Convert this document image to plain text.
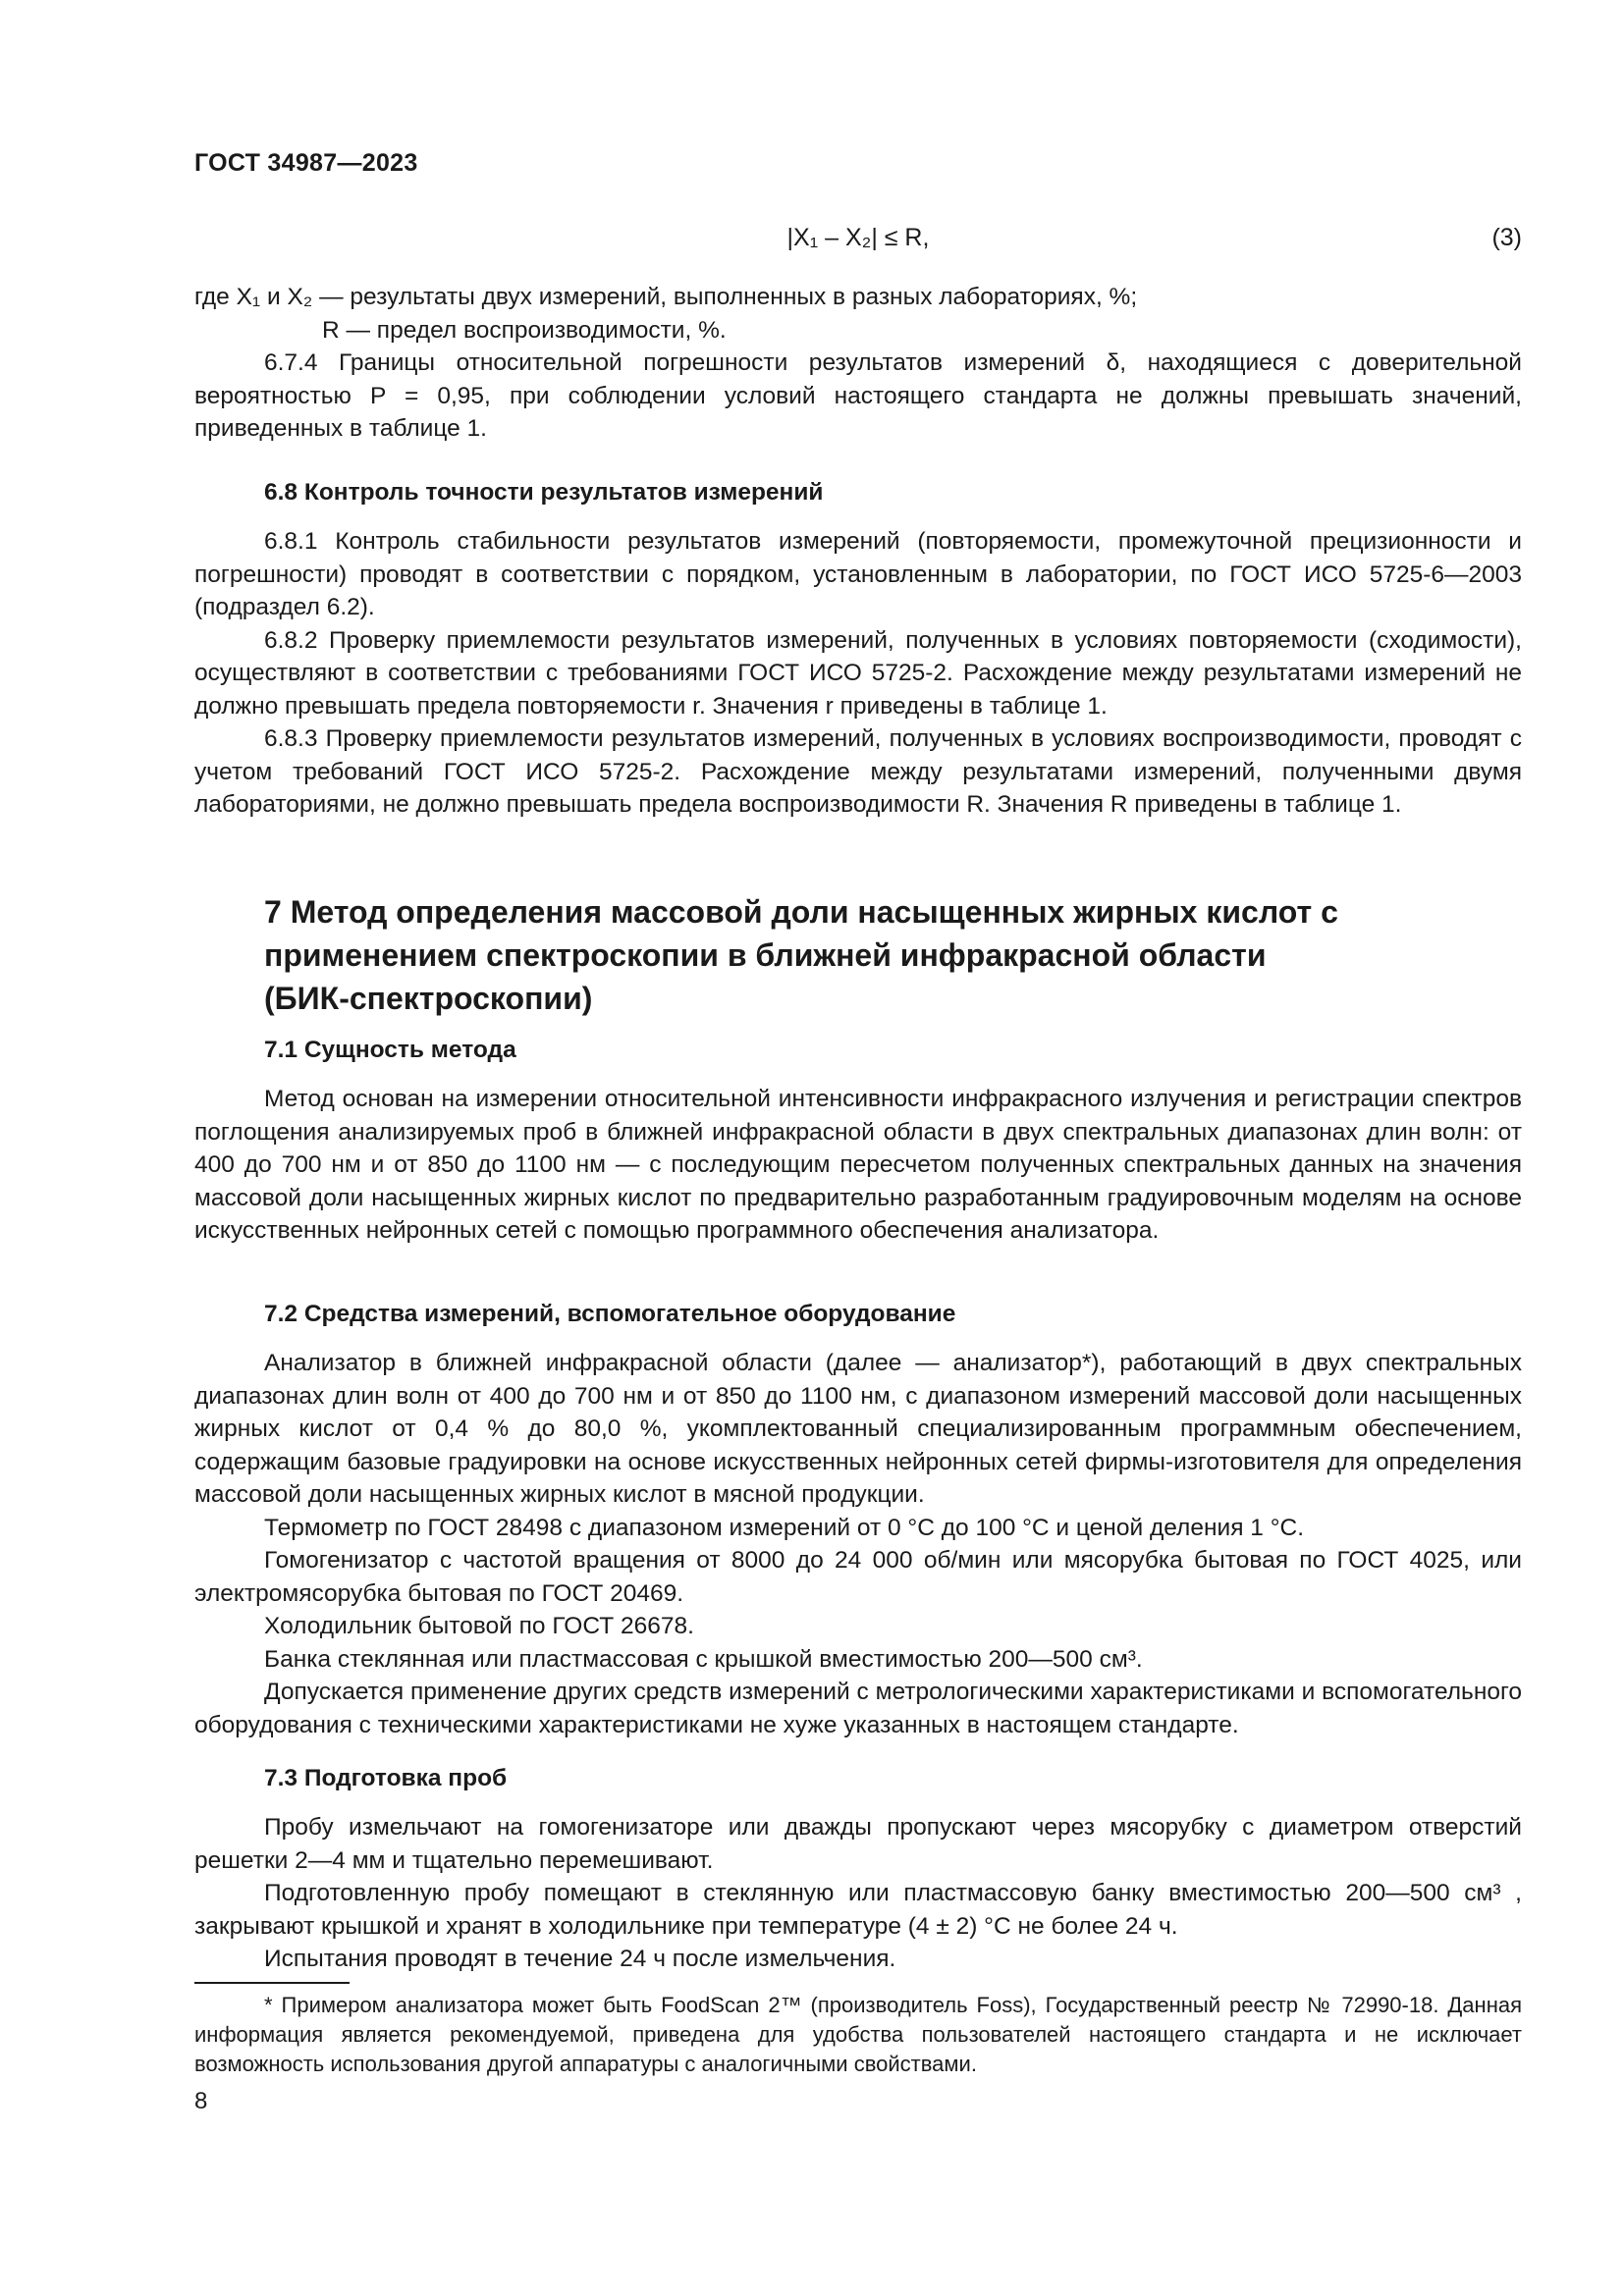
ГОСТ 34987—2023
|X₁ – X₂| ≤ R,	(3)

где X₁ и X₂ — результаты двух измерений, выполненных в разных лабораториях, %;

R — предел воспроизводимости, %.

6.7.4 Границы относительной погрешности результатов измерений δ, находящиеся с доверительной вероятностью P = 0,95, при соблюдении условий настоящего стандарта не должны превышать значений, приведенных в таблице 1.

6.8 Контроль точности результатов измерений

6.8.1 Контроль стабильности результатов измерений (повторяемости, промежуточной прецизионности и погрешности) проводят в соответствии с порядком, установленным в лаборатории, по ГОСТ ИСО 5725-6—2003 (подраздел 6.2).

6.8.2 Проверку приемлемости результатов измерений, полученных в условиях повторяемости (сходимости), осуществляют в соответствии с требованиями ГОСТ ИСО 5725-2. Расхождение между результатами измерений не должно превышать предела повторяемости r. Значения r приведены в таблице 1.

6.8.3 Проверку приемлемости результатов измерений, полученных в условиях воспроизводимости, проводят с учетом требований ГОСТ ИСО 5725-2. Расхождение между результатами измерений, полученными двумя лабораториями, не должно превышать предела воспроизводимости R. Значения R приведены в таблице 1.

7 Метод определения массовой доли насыщенных жирных кислот с применением спектроскопии в ближней инфракрасной области (БИК-спектроскопии)

7.1 Сущность метода

Метод основан на измерении относительной интенсивности инфракрасного излучения и регистрации спектров поглощения анализируемых проб в ближней инфракрасной области в двух спектральных диапазонах длин волн: от 400 до 700 нм и от 850 до 1100 нм — с последующим пересчетом полученных спектральных данных на значения массовой доли насыщенных жирных кислот по предварительно разработанным градуировочным моделям на основе искусственных нейронных сетей с помощью программного обеспечения анализатора.

7.2 Средства измерений, вспомогательное оборудование

Анализатор в ближней инфракрасной области (далее — анализатор*), работающий в двух спектральных диапазонах длин волн от 400 до 700 нм и от 850 до 1100 нм, с диапазоном измерений массовой доли насыщенных жирных кислот от 0,4 % до 80,0 %, укомплектованный специализированным программным обеспечением, содержащим базовые градуировки на основе искусственных нейронных сетей фирмы-изготовителя для определения массовой доли насыщенных жирных кислот в мясной продукции.

Термометр по ГОСТ 28498 с диапазоном измерений от 0 °С до 100 °С и ценой деления 1 °С.

Гомогенизатор с частотой вращения от 8000 до 24 000 об/мин или мясорубка бытовая по ГОСТ 4025, или электромясорубка бытовая по ГОСТ 20469.

Холодильник бытовой по ГОСТ 26678.

Банка стеклянная или пластмассовая с крышкой вместимостью 200—500 см³.

Допускается применение других средств измерений с метрологическими характеристиками и вспомогательного оборудования с техническими характеристиками не хуже указанных в настоящем стандарте.

7.3 Подготовка проб

Пробу измельчают на гомогенизаторе или дважды пропускают через мясорубку с диаметром отверстий решетки 2—4 мм и тщательно перемешивают.

Подготовленную пробу помещают в стеклянную или пластмассовую банку вместимостью 200—500 см³ , закрывают крышкой и хранят в холодильнике при температуре (4 ± 2) °С не более 24 ч.

Испытания проводят в течение 24 ч после измельчения.

* Примером анализатора может быть FoodScan 2™ (производитель Foss), Государственный реестр № 72990-18. Данная информация является рекомендуемой, приведена для удобства пользователей настоящего стандарта и не исключает возможность использования другой аппаратуры с аналогичными свойствами.

8
